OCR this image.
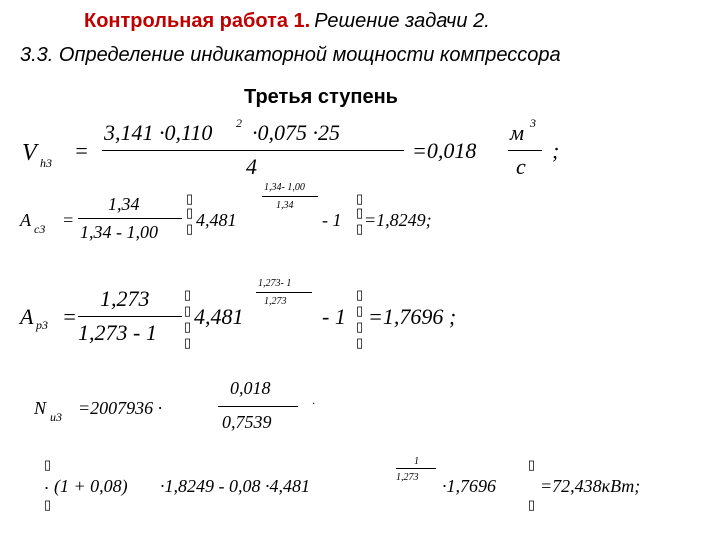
Контрольная работа 1. Решение задачи 2.
3.3. Определение индикаторной мощности компрессора
Третья ступень
V h3 =
3,141 ·0,110 2 ·0,075 ·25
4
=0,018
м 3
с
;
A с3 =
1,34
1,34 - 1,00
▯
▯
▯ 4,481
1,34- 1,00
1,34
- 1
▯
▯
▯ =1,8249;
A р3 =
1,273
1,273 - 1
▯
▯
▯
▯
4,481
1,273- 1
1,273
- 1
▯
▯
▯
▯
=1,7696 ;
N и3 =2007936 ·
0,018
0,7539
·
▯
▯
· (1 + 0,08) ·1,8249 - 0,08 ·4,481
1
1,273 ·1,7696
▯
▯
=72,438кВт;
